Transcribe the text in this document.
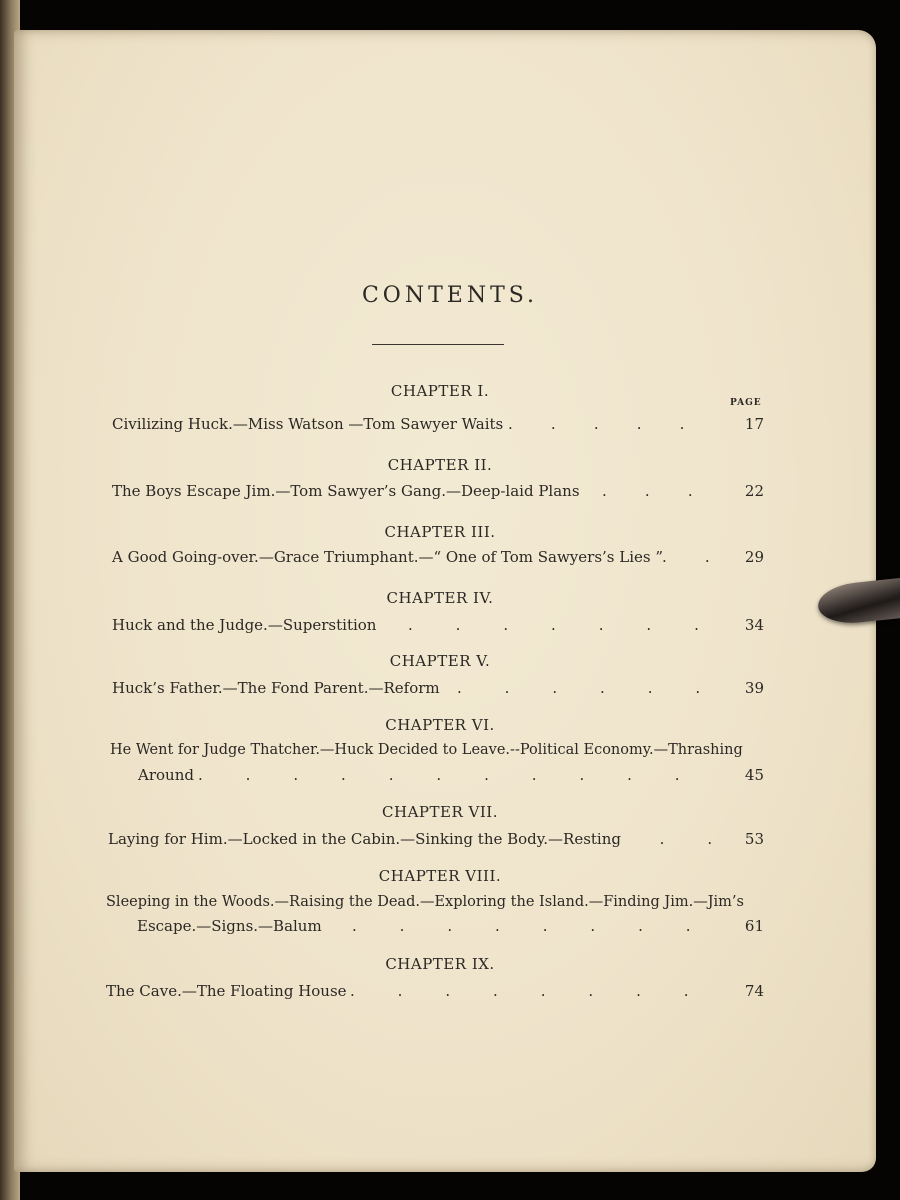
CONTENTS.
PAGE
CHAPTER I.
Civilizing Huck.—Miss Watson —Tom Sawyer Waits .        .        .        .        .	17
CHAPTER II.
The Boys Escape Jim.—Tom Sawyer’s Gang.—Deep-laid Plans .        .        .	22
CHAPTER III.
A Good Going-over.—Grace Triumphant.—“ One of Tom Sawyers’s Lies ”
.        .	29
CHAPTER IV.
Huck and the Judge.—Superstition .         .         .         .         .         .         .	34
CHAPTER V.
Huck’s Father.—The Fond Parent.—Reform .         .         .         .         .         .	39
CHAPTER VI.
He Went for Judge Thatcher.—Huck Decided to Leave.--Political Economy.—Thrashing
Around .         .         .         .         .         .         .         .         .         .         .	45
CHAPTER VII.
Laying for Him.—Locked in the Cabin.—Sinking the Body.—Resting
.         .         .	53
CHAPTER VIII.
Sleeping in the Woods.—Raising the Dead.—Exploring the Island.—Finding Jim.—Jim’s
Escape.—Signs.—Balum .         .         .         .         .         .         .         .	61
CHAPTER IX.
The Cave.—The Floating House .         .         .         .         .         .         .         .	74
